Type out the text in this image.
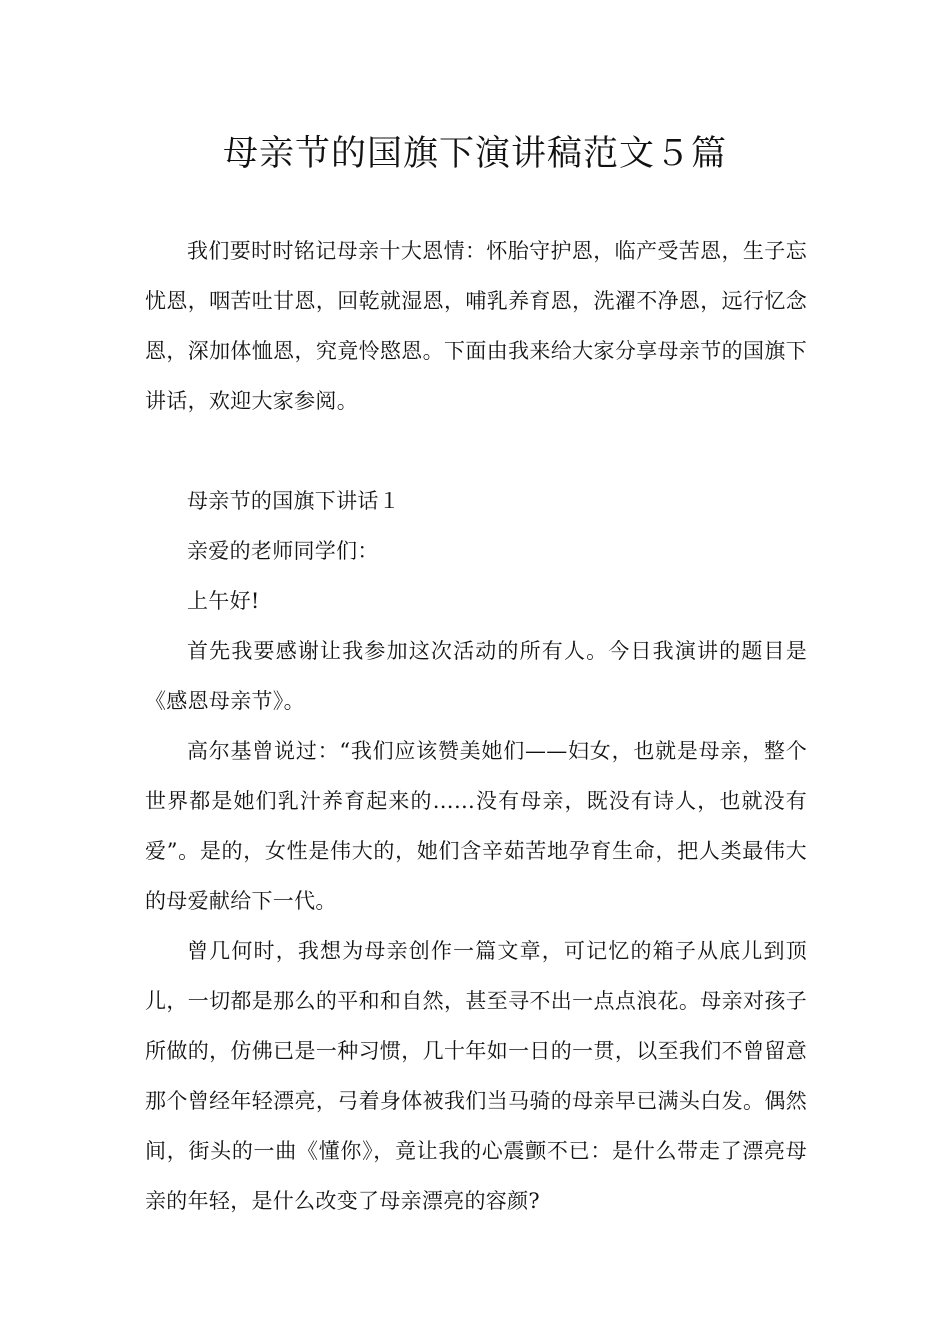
母亲节的国旗下演讲稿范文５篇

我们要时时铭记母亲十大恩情：怀胎守护恩，临产受苦恩，生子忘忧恩，咽苦吐甘恩，回乾就湿恩，哺乳养育恩，洗濯不净恩，远行忆念恩，深加体恤恩，究竟怜愍恩。下面由我来给大家分享母亲节的国旗下讲话，欢迎大家参阅。

母亲节的国旗下讲话１

亲爱的老师同学们：

上午好!

首先我要感谢让我参加这次活动的所有人。今日我演讲的题目是《感恩母亲节》。

高尔基曾说过：“我们应该赞美她们——妇女，也就是母亲，整个世界都是她们乳汁养育起来的……没有母亲，既没有诗人，也就没有爱”。是的，女性是伟大的，她们含辛茹苦地孕育生命，把人类最伟大的母爱献给下一代。

曾几何时，我想为母亲创作一篇文章，可记忆的箱子从底儿到顶儿，一切都是那么的平和和自然，甚至寻不出一点点浪花。母亲对孩子所做的，仿佛已是一种习惯，几十年如一日的一贯，以至我们不曾留意那个曾经年轻漂亮，弓着身体被我们当马骑的母亲早已满头白发。偶然间，街头的一曲《懂你》，竟让我的心震颤不已：是什么带走了漂亮母亲的年轻，是什么改变了母亲漂亮的容颜?
